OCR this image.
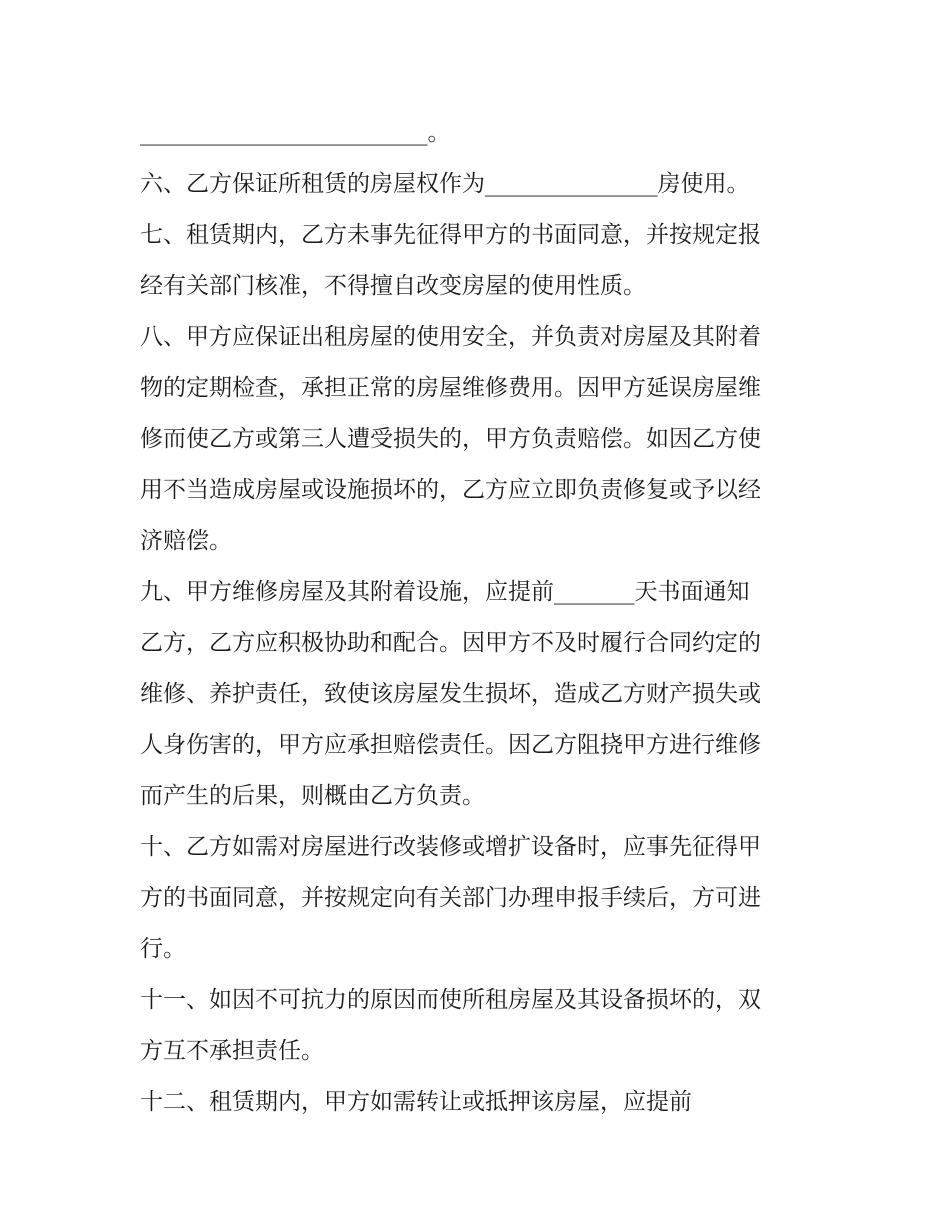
_________________________。
六、乙方保证所租赁的房屋权作为_______________房使用。
七、租赁期内，乙方未事先征得甲方的书面同意，并按规定报
经有关部门核准，不得擅自改变房屋的使用性质。
八、甲方应保证出租房屋的使用安全，并负责对房屋及其附着
物的定期检查，承担正常的房屋维修费用。因甲方延误房屋维
修而使乙方或第三人遭受损失的，甲方负责赔偿。如因乙方使
用不当造成房屋或设施损坏的，乙方应立即负责修复或予以经
济赔偿。
九、甲方维修房屋及其附着设施，应提前_______天书面通知
乙方，乙方应积极协助和配合。因甲方不及时履行合同约定的
维修、养护责任，致使该房屋发生损坏，造成乙方财产损失或
人身伤害的，甲方应承担赔偿责任。因乙方阻挠甲方进行维修
而产生的后果，则概由乙方负责。
十、乙方如需对房屋进行改装修或增扩设备时，应事先征得甲
方的书面同意，并按规定向有关部门办理申报手续后，方可进
行。
十一、如因不可抗力的原因而使所租房屋及其设备损坏的，双
方互不承担责任。
十二、租赁期内，甲方如需转让或抵押该房屋，应提前
